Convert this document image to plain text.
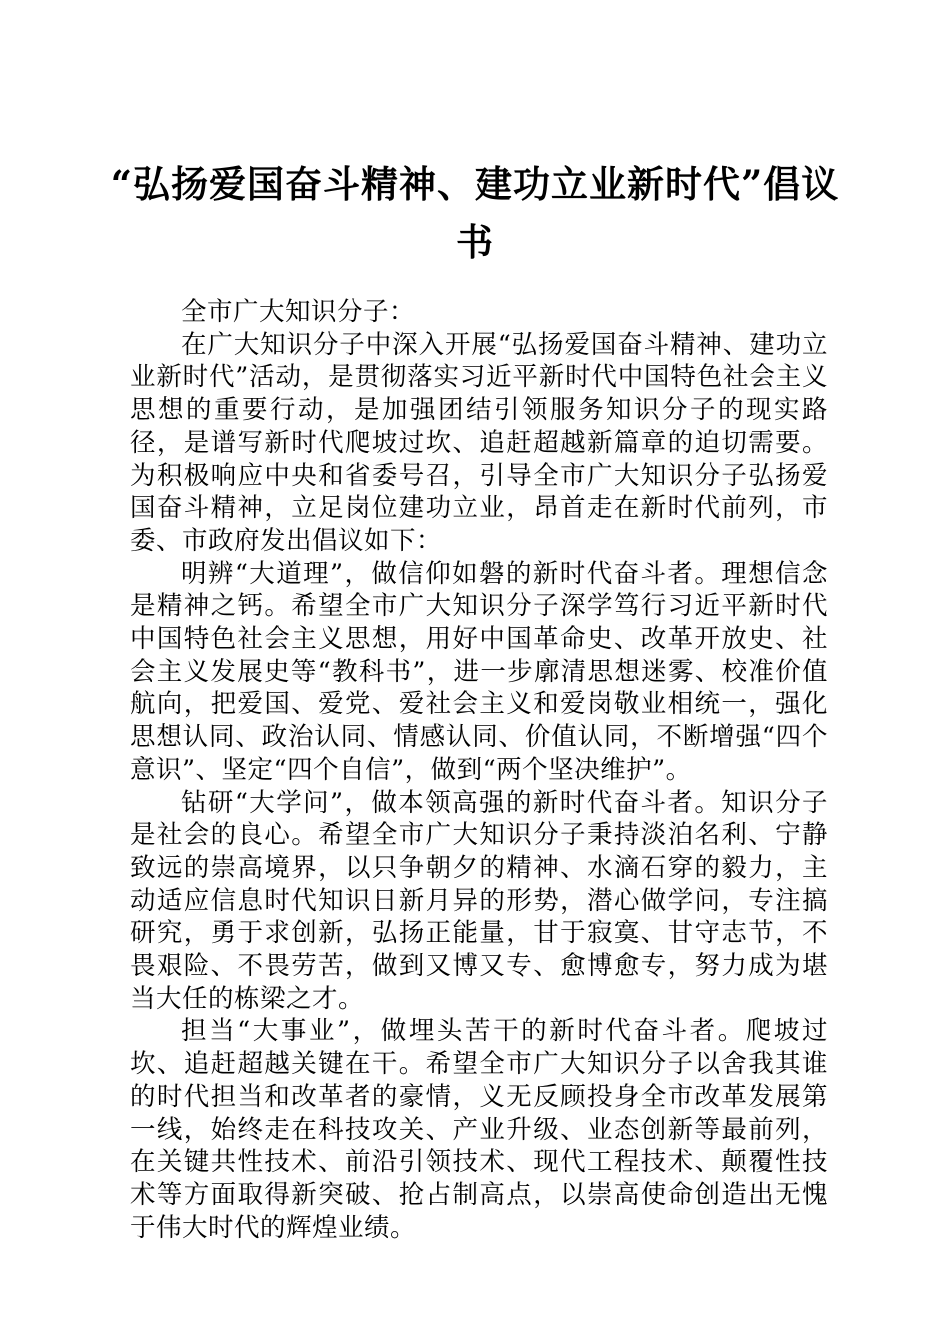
“弘扬爱国奋斗精神、建功立业新时代”倡议书

全市广大知识分子：

在广大知识分子中深入开展“弘扬爱国奋斗精神、建功立业新时代”活动，是贯彻落实习近平新时代中国特色社会主义思想的重要行动，是加强团结引领服务知识分子的现实路径，是谱写新时代爬坡过坎、追赶超越新篇章的迫切需要。为积极响应中央和省委号召，引导全市广大知识分子弘扬爱国奋斗精神，立足岗位建功立业，昂首走在新时代前列，市委、市政府发出倡议如下：

明辨“大道理”，做信仰如磐的新时代奋斗者。理想信念是精神之钙。希望全市广大知识分子深学笃行习近平新时代中国特色社会主义思想，用好中国革命史、改革开放史、社会主义发展史等“教科书”，进一步廓清思想迷雾、校准价值航向，把爱国、爱党、爱社会主义和爱岗敬业相统一，强化思想认同、政治认同、情感认同、价值认同，不断增强“四个意识”、坚定“四个自信”，做到“两个坚决维护”。

钻研“大学问”，做本领高强的新时代奋斗者。知识分子是社会的良心。希望全市广大知识分子秉持淡泊名利、宁静致远的崇高境界，以只争朝夕的精神、水滴石穿的毅力，主动适应信息时代知识日新月异的形势，潜心做学问，专注搞研究，勇于求创新，弘扬正能量，甘于寂寞、甘守志节，不畏艰险、不畏劳苦，做到又博又专、愈博愈专，努力成为堪当大任的栋梁之才。

担当“大事业”，做埋头苦干的新时代奋斗者。爬坡过坎、追赶超越关键在干。希望全市广大知识分子以舍我其谁的时代担当和改革者的豪情，义无反顾投身全市改革发展第一线，始终走在科技攻关、产业升级、业态创新等最前列，在关键共性技术、前沿引领技术、现代工程技术、颠覆性技术等方面取得新突破、抢占制高点，以崇高使命创造出无愧于伟大时代的辉煌业绩。
